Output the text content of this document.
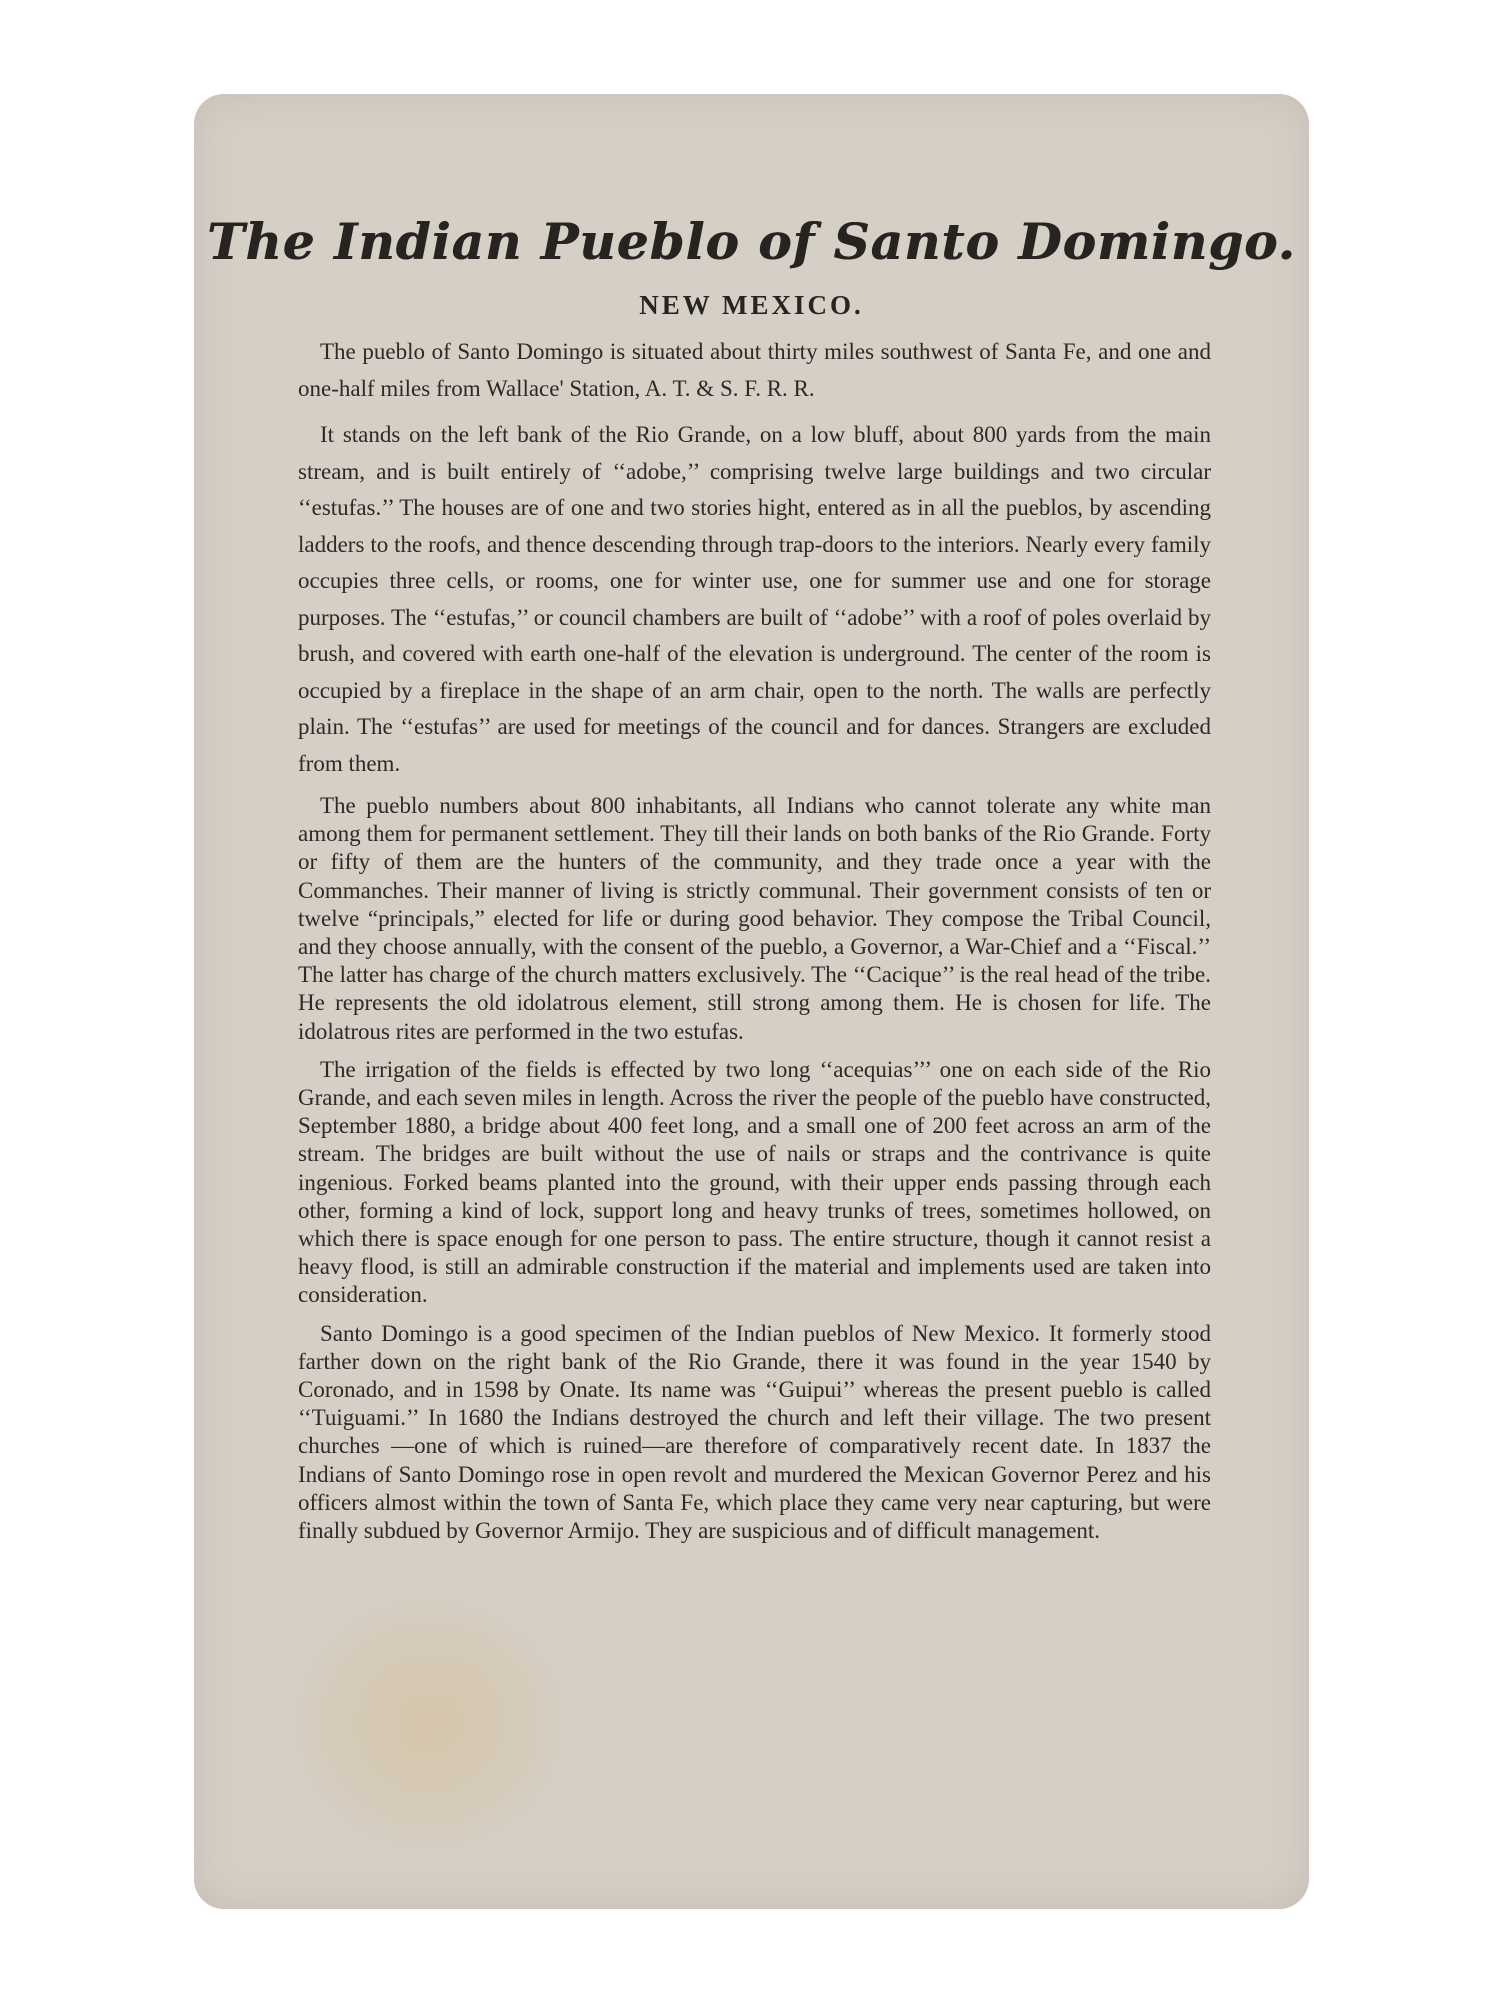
The Indian Pueblo of Santo Domingo.
NEW MEXICO.

The pueblo of Santo Domingo is situated about thirty miles southwest of Santa Fe, and one and one-half miles from Wallace' Station, A. T. & S. F. R. R.

It stands on the left bank of the Rio Grande, on a low bluff, about 800 yards from the main stream, and is built entirely of ‘‘adobe,’’ comprising twelve large buildings and two circular ‘‘estufas.’’ The houses are of one and two stories hight, entered as in all the pueblos, by ascending ladders to the roofs, and thence descending through trap-doors to the interiors. Nearly every family occupies three cells, or rooms, one for winter use, one for summer use and one for storage purposes. The ‘‘estufas,’’ or council chambers are built of ‘‘adobe’’ with a roof of poles overlaid by brush, and covered with earth one-half of the elevation is underground. The center of the room is occupied by a fireplace in the shape of an arm chair, open to the north. The walls are perfectly plain. The ‘‘estufas’’ are used for meetings of the council and for dances. Strangers are excluded from them.

The pueblo numbers about 800 inhabitants, all Indians who cannot tolerate any white man among them for permanent settlement. They till their lands on both banks of the Rio Grande. Forty or fifty of them are the hunters of the community, and they trade once a year with the Commanches. Their manner of living is strictly communal. Their government consists of ten or twelve “principals,” elected for life or during good behavior. They compose the Tribal Council, and they choose annually, with the consent of the pueblo, a Governor, a War-Chief and a ‘‘Fiscal.’’ The latter has charge of the church matters exclusively. The ‘‘Cacique’’ is the real head of the tribe. He represents the old idolatrous element, still strong among them. He is chosen for life. The idolatrous rites are performed in the two estufas.

The irrigation of the fields is effected by two long ‘‘acequias’’’ one on each side of the Rio Grande, and each seven miles in length. Across the river the people of the pueblo have constructed, September 1880, a bridge about 400 feet long, and a small one of 200 feet across an arm of the stream. The bridges are built without the use of nails or straps and the contrivance is quite ingenious. Forked beams planted into the ground, with their upper ends passing through each other, forming a kind of lock, support long and heavy trunks of trees, sometimes hollowed, on which there is space enough for one person to pass. The entire structure, though it cannot resist a heavy flood, is still an admirable construction if the material and implements used are taken into consideration.

Santo Domingo is a good specimen of the Indian pueblos of New Mexico. It formerly stood farther down on the right bank of the Rio Grande, there it was found in the year 1540 by Coronado, and in 1598 by Onate. Its name was ‘‘Guipui’’ whereas the present pueblo is called ‘‘Tuiguami.’’ In 1680 the Indians destroyed the church and left their village. The two present churches —one of which is ruined—are therefore of comparatively recent date. In 1837 the Indians of Santo Domingo rose in open revolt and murdered the Mexican Governor Perez and his officers almost within the town of Santa Fe, which place they came very near capturing, but were finally subdued by Governor Armijo. They are suspicious and of difficult management.
